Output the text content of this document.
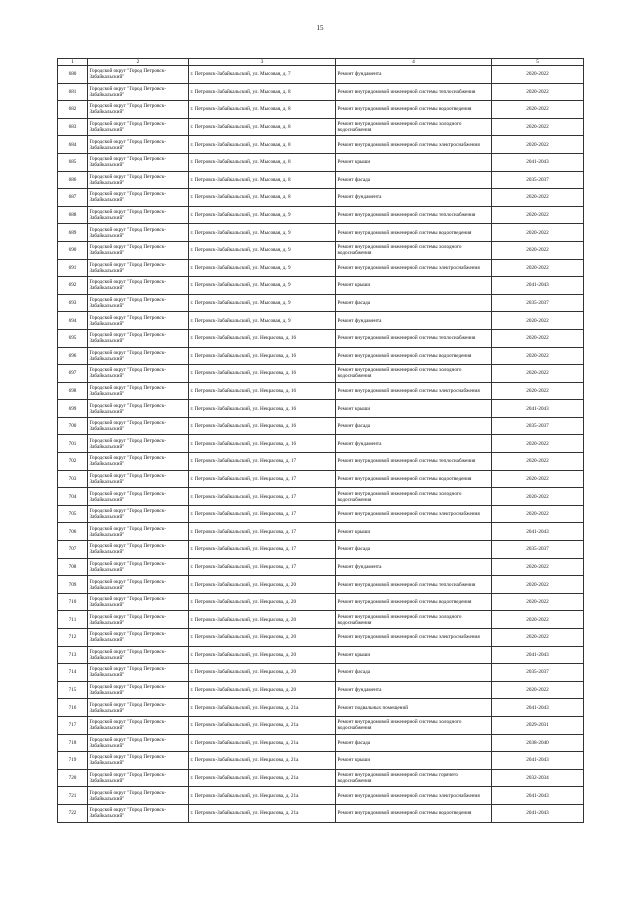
15
1	2	3	4	5
680	Городской округ "Город Петровск-Забайкальский"	г. Петровск-Забайкальский, ул. Мысовая, д. 7	Ремонт фундамента	2020-2022
681	Городской округ "Город Петровск-Забайкальский"	г. Петровск-Забайкальский, ул. Мысовая, д. 8	Ремонт внутридомовой инженерной системы теплоснабжения	2020-2022
682	Городской округ "Город Петровск-Забайкальский"	г. Петровск-Забайкальский, ул. Мысовая, д. 8	Ремонт внутридомовой инженерной системы водоотведения	2020-2022
683	Городской округ "Город Петровск-Забайкальский"	г. Петровск-Забайкальский, ул. Мысовая, д. 8	Ремонт внутридомовой инженерной системы холодного водоснабжения	2020-2022
684	Городской округ "Город Петровск-Забайкальский"	г. Петровск-Забайкальский, ул. Мысовая, д. 8	Ремонт внутридомовой инженерной системы электроснабжения	2020-2022
685	Городской округ "Город Петровск-Забайкальский"	г. Петровск-Забайкальский, ул. Мысовая, д. 8	Ремонт крыши	2041-2043
686	Городской округ "Город Петровск-Забайкальский"	г. Петровск-Забайкальский, ул. Мысовая, д. 8	Ремонт фасада	2035-2037
687	Городской округ "Город Петровск-Забайкальский"	г. Петровск-Забайкальский, ул. Мысовая, д. 8	Ремонт фундамента	2020-2022
688	Городской округ "Город Петровск-Забайкальский"	г. Петровск-Забайкальский, ул. Мысовая, д. 9	Ремонт внутридомовой инженерной системы теплоснабжения	2020-2022
689	Городской округ "Город Петровск-Забайкальский"	г. Петровск-Забайкальский, ул. Мысовая, д. 9	Ремонт внутридомовой инженерной системы водоотведения	2020-2022
690	Городской округ "Город Петровск-Забайкальский"	г. Петровск-Забайкальский, ул. Мысовая, д. 9	Ремонт внутридомовой инженерной системы холодного водоснабжения	2020-2022
691	Городской округ "Город Петровск-Забайкальский"	г. Петровск-Забайкальский, ул. Мысовая, д. 9	Ремонт внутридомовой инженерной системы электроснабжения	2020-2022
692	Городской округ "Город Петровск-Забайкальский"	г. Петровск-Забайкальский, ул. Мысовая, д. 9	Ремонт крыши	2041-2043
693	Городской округ "Город Петровск-Забайкальский"	г. Петровск-Забайкальский, ул. Мысовая, д. 9	Ремонт фасада	2035-2037
694	Городской округ "Город Петровск-Забайкальский"	г. Петровск-Забайкальский, ул. Мысовая, д. 9	Ремонт фундамента	2020-2022
695	Городской округ "Город Петровск-Забайкальский"	г. Петровск-Забайкальский, ул. Некрасова, д. 16	Ремонт внутридомовой инженерной системы теплоснабжения	2020-2022
696	Городской округ "Город Петровск-Забайкальский"	г. Петровск-Забайкальский, ул. Некрасова, д. 16	Ремонт внутридомовой инженерной системы водоотведения	2020-2022
697	Городской округ "Город Петровск-Забайкальский"	г. Петровск-Забайкальский, ул. Некрасова, д. 16	Ремонт внутридомовой инженерной системы холодного водоснабжения	2020-2022
698	Городской округ "Город Петровск-Забайкальский"	г. Петровск-Забайкальский, ул. Некрасова, д. 16	Ремонт внутридомовой инженерной системы электроснабжения	2020-2022
699	Городской округ "Город Петровск-Забайкальский"	г. Петровск-Забайкальский, ул. Некрасова, д. 16	Ремонт крыши	2041-2043
700	Городской округ "Город Петровск-Забайкальский"	г. Петровск-Забайкальский, ул. Некрасова, д. 16	Ремонт фасада	2035-2037
701	Городской округ "Город Петровск-Забайкальский"	г. Петровск-Забайкальский, ул. Некрасова, д. 16	Ремонт фундамента	2020-2022
702	Городской округ "Город Петровск-Забайкальский"	г. Петровск-Забайкальский, ул. Некрасова, д. 17	Ремонт внутридомовой инженерной системы теплоснабжения	2020-2022
703	Городской округ "Город Петровск-Забайкальский"	г. Петровск-Забайкальский, ул. Некрасова, д. 17	Ремонт внутридомовой инженерной системы водоотведения	2020-2022
704	Городской округ "Город Петровск-Забайкальский"	г. Петровск-Забайкальский, ул. Некрасова, д. 17	Ремонт внутридомовой инженерной системы холодного водоснабжения	2020-2022
705	Городской округ "Город Петровск-Забайкальский"	г. Петровск-Забайкальский, ул. Некрасова, д. 17	Ремонт внутридомовой инженерной системы электроснабжения	2020-2022
706	Городской округ "Город Петровск-Забайкальский"	г. Петровск-Забайкальский, ул. Некрасова, д. 17	Ремонт крыши	2041-2043
707	Городской округ "Город Петровск-Забайкальский"	г. Петровск-Забайкальский, ул. Некрасова, д. 17	Ремонт фасада	2035-2037
708	Городской округ "Город Петровск-Забайкальский"	г. Петровск-Забайкальский, ул. Некрасова, д. 17	Ремонт фундамента	2020-2022
709	Городской округ "Город Петровск-Забайкальский"	г. Петровск-Забайкальский, ул. Некрасова, д. 20	Ремонт внутридомовой инженерной системы теплоснабжения	2020-2022
710	Городской округ "Город Петровск-Забайкальский"	г. Петровск-Забайкальский, ул. Некрасова, д. 20	Ремонт внутридомовой инженерной системы водоотведения	2020-2022
711	Городской округ "Город Петровск-Забайкальский"	г. Петровск-Забайкальский, ул. Некрасова, д. 20	Ремонт внутридомовой инженерной системы холодного водоснабжения	2020-2022
712	Городской округ "Город Петровск-Забайкальский"	г. Петровск-Забайкальский, ул. Некрасова, д. 20	Ремонт внутридомовой инженерной системы электроснабжения	2020-2022
713	Городской округ "Город Петровск-Забайкальский"	г. Петровск-Забайкальский, ул. Некрасова, д. 20	Ремонт крыши	2041-2043
714	Городской округ "Город Петровск-Забайкальский"	г. Петровск-Забайкальский, ул. Некрасова, д. 20	Ремонт фасада	2035-2037
715	Городской округ "Город Петровск-Забайкальский"	г. Петровск-Забайкальский, ул. Некрасова, д. 20	Ремонт фундамента	2020-2022
716	Городской округ "Город Петровск-Забайкальский"	г. Петровск-Забайкальский, ул. Некрасова, д. 21а	Ремонт подвальных помещений	2041-2043
717	Городской округ "Город Петровск-Забайкальский"	г. Петровск-Забайкальский, ул. Некрасова, д. 21а	Ремонт внутридомовой инженерной системы холодного водоснабжения	2029-2031
718	Городской округ "Город Петровск-Забайкальский"	г. Петровск-Забайкальский, ул. Некрасова, д. 21а	Ремонт фасада	2038-2040
719	Городской округ "Город Петровск-Забайкальский"	г. Петровск-Забайкальский, ул. Некрасова, д. 21а	Ремонт крыши	2041-2043
720	Городской округ "Город Петровск-Забайкальский"	г. Петровск-Забайкальский, ул. Некрасова, д. 21а	Ремонт внутридомовой инженерной системы горячего водоснабжения	2032-2034
721	Городской округ "Город Петровск-Забайкальский"	г. Петровск-Забайкальский, ул. Некрасова, д. 21а	Ремонт внутридомовой инженерной системы электроснабжения	2041-2043
722	Городской округ "Город Петровск-Забайкальский"	г. Петровск-Забайкальский, ул. Некрасова, д. 21а	Ремонт внутридомовой инженерной системы водоотведения	2041-2043
